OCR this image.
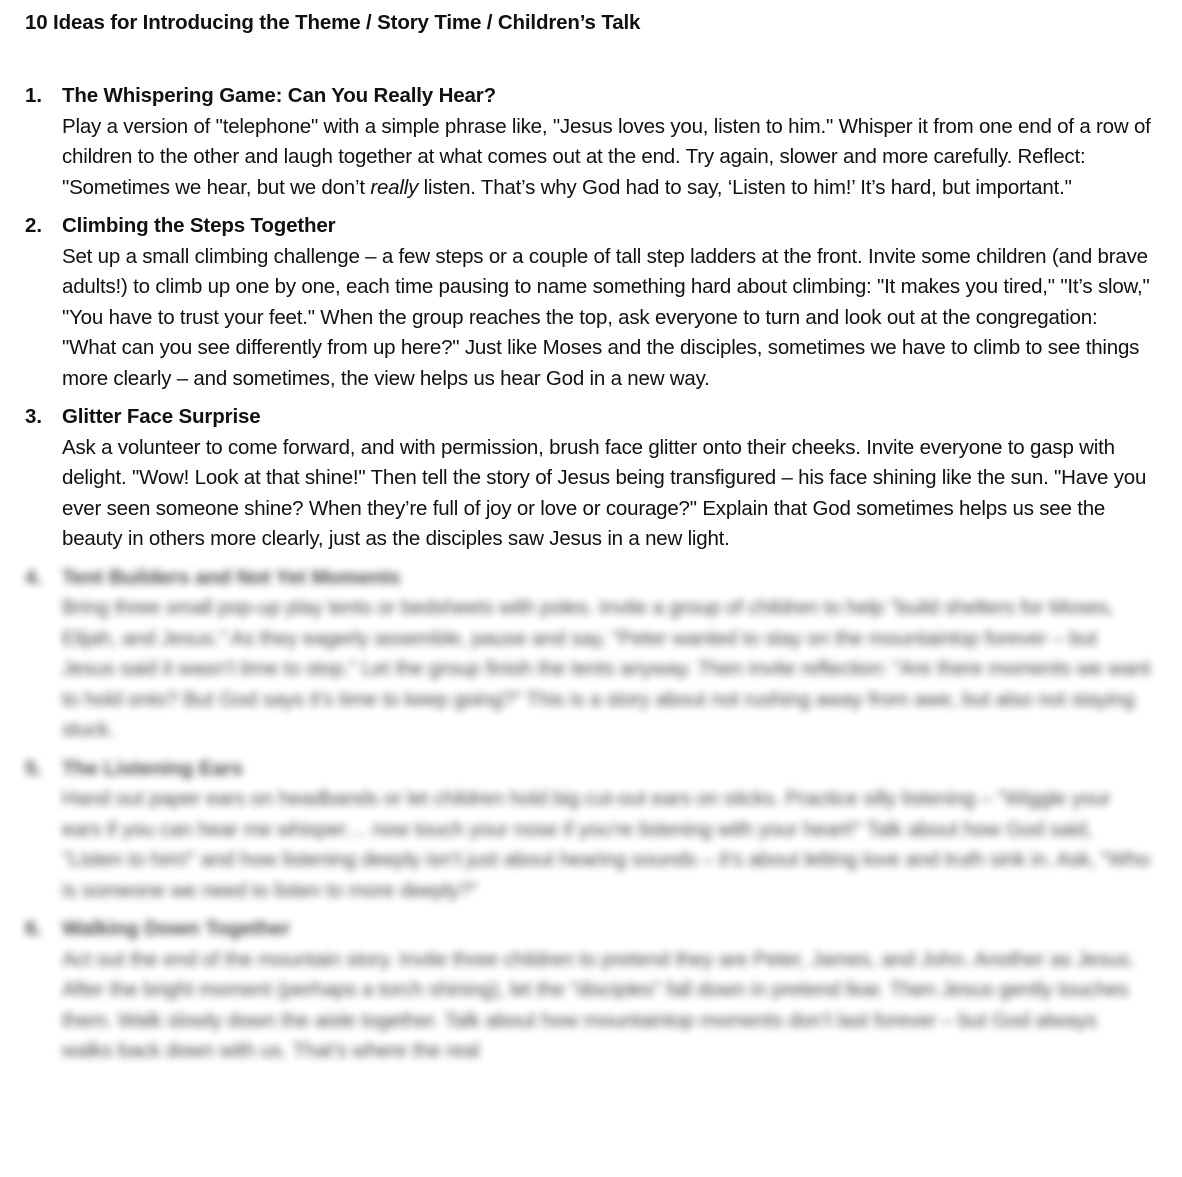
10 Ideas for Introducing the Theme / Story Time / Children’s Talk
1. The Whispering Game: Can You Really Hear?
Play a version of "telephone" with a simple phrase like, "Jesus loves you, listen to him." Whisper it from one end of a row of children to the other and laugh together at what comes out at the end. Try again, slower and more carefully. Reflect: "Sometimes we hear, but we don’t really listen. That’s why God had to say, ‘Listen to him!’ It’s hard, but important."
2. Climbing the Steps Together
Set up a small climbing challenge – a few steps or a couple of tall step ladders at the front. Invite some children (and brave adults!) to climb up one by one, each time pausing to name something hard about climbing: "It makes you tired," "It’s slow," "You have to trust your feet." When the group reaches the top, ask everyone to turn and look out at the congregation: "What can you see differently from up here?" Just like Moses and the disciples, sometimes we have to climb to see things more clearly – and sometimes, the view helps us hear God in a new way.
3. Glitter Face Surprise
Ask a volunteer to come forward, and with permission, brush face glitter onto their cheeks. Invite everyone to gasp with delight. "Wow! Look at that shine!" Then tell the story of Jesus being transfigured – his face shining like the sun. "Have you ever seen someone shine? When they’re full of joy or love or courage?" Explain that God sometimes helps us see the beauty in others more clearly, just as the disciples saw Jesus in a new light.
4. Tent Builders and Not Yet Moments
Bring three small pop-up play tents or bedsheets with poles. Invite a group of children to help "build shelters for Moses, Elijah, and Jesus." As they eagerly assemble, pause and say, "Peter wanted to stay on the mountaintop forever – but Jesus said it wasn’t time to stop." Let the group finish the tents anyway. Then invite reflection: "Are there moments we want to hold onto? But God says it’s time to keep going?" This is a story about not rushing away from awe, but also not staying stuck.
5. The Listening Ears
Hand out paper ears on headbands or let children hold big cut-out ears on sticks. Practice silly listening – "Wiggle your ears if you can hear me whisper… now touch your nose if you’re listening with your heart!" Talk about how God said, "Listen to him!" and how listening deeply isn’t just about hearing sounds – it’s about letting love and truth sink in. Ask, "Who is someone we need to listen to more deeply?"
6. Walking Down Together
Act out the end of the mountain story. Invite three children to pretend they are Peter, James, and John. Another as Jesus. After the bright moment (perhaps a torch shining), let the "disciples" fall down in pretend fear. Then Jesus gently touches them. Walk slowly down the aisle together. Talk about how mountaintop moments don’t last forever – but God always walks back down with us. That’s where the real
